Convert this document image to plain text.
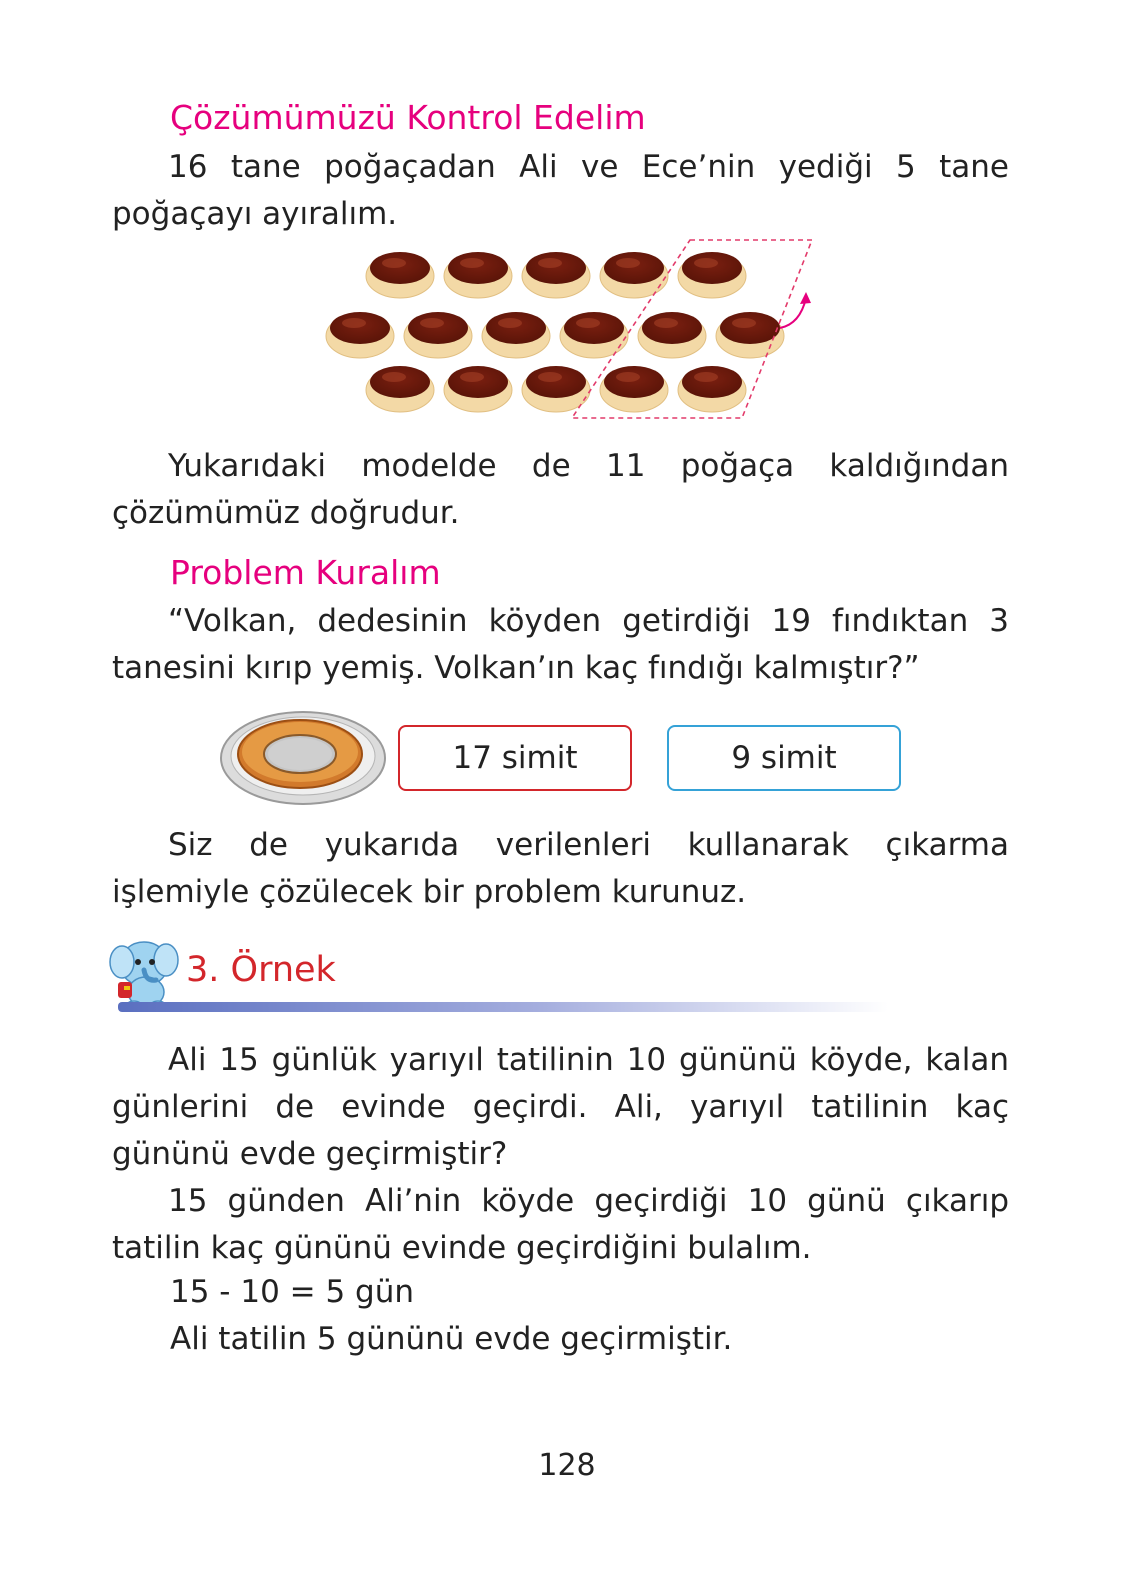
Çözümümüzü Kontrol Edelim
16 tane poğaçadan Ali ve Ece’nin yediği 5 tane poğaçayı ayıralım.
Yukarıdaki modelde de 11 poğaça kaldığından çözümümüz doğrudur.
Problem Kuralım
“Volkan, dedesinin köyden getirdiği 19 fındıktan 3 tanesini kırıp yemiş. Volkan’ın kaç fındığı kalmıştır?”
17 simit	9 simit
Siz de yukarıda verilenleri kullanarak çıkarma işlemiyle çözülecek bir problem kurunuz.
3. Örnek
Ali 15 günlük yarıyıl tatilinin 10 gününü köyde, kalan günlerini de evinde geçirdi. Ali, yarıyıl tatilinin kaç gününü evde geçirmiştir?
15 günden Ali’nin köyde geçirdiği 10 günü çıkarıp tatilin kaç gününü evinde geçirdiğini bulalım.
15 - 10 = 5 gün
Ali tatilin 5 gününü evde geçirmiştir.
128
